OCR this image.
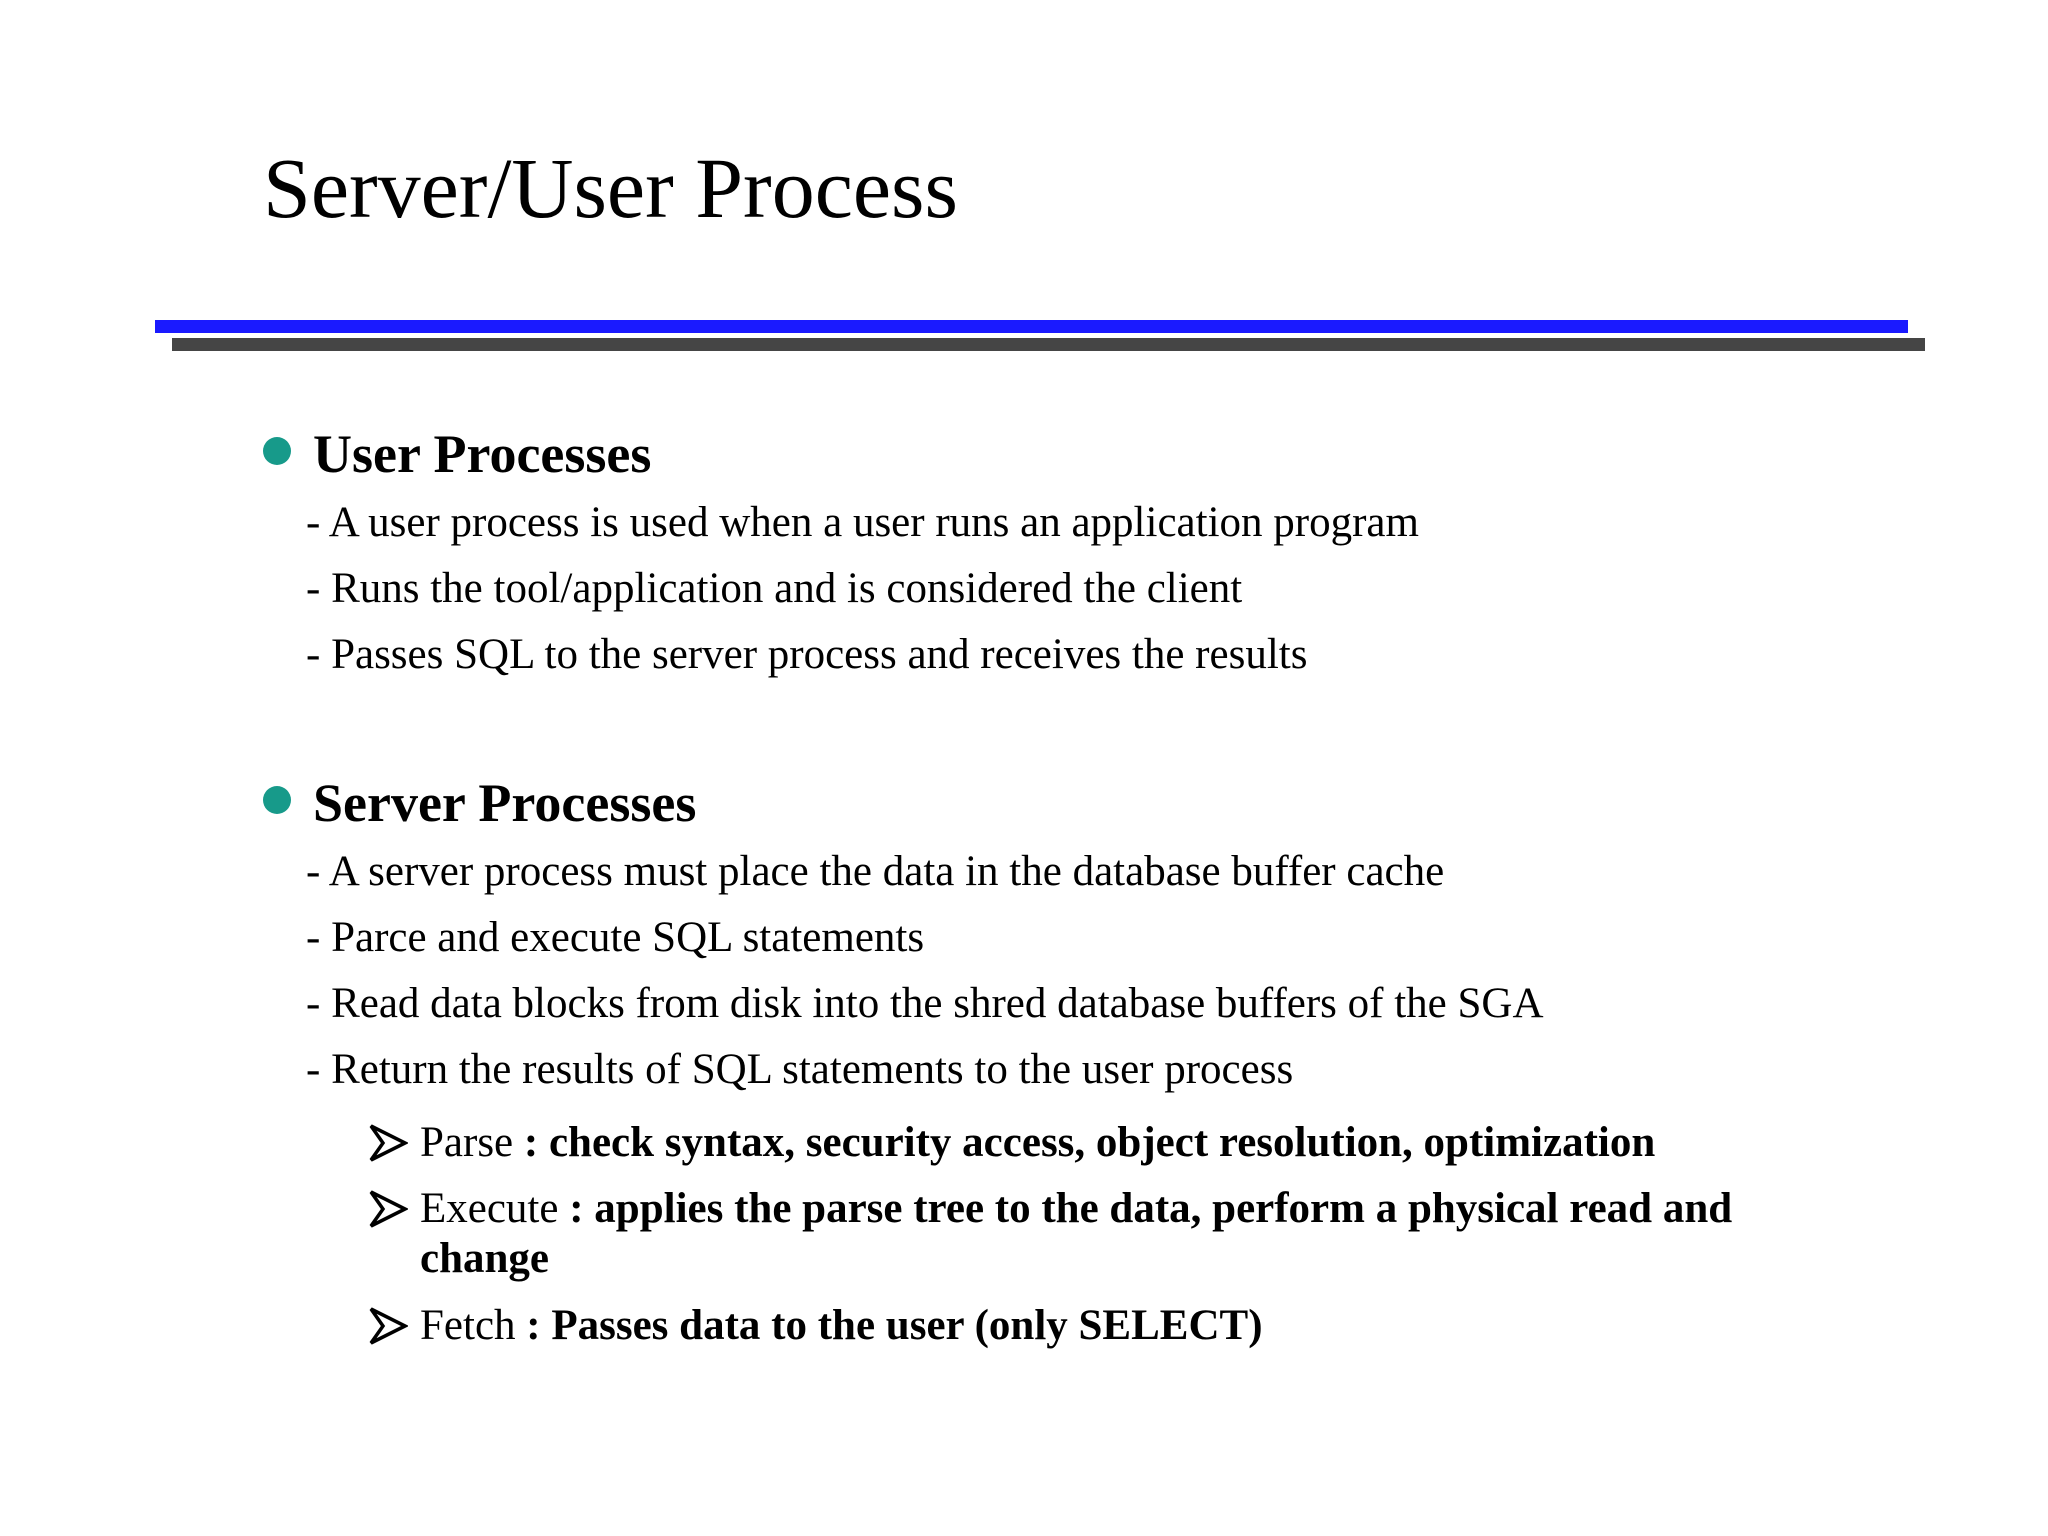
Server/User Process
User Processes
- A user process is used when a user runs an application program
- Runs the tool/application and is considered the client
- Passes SQL to the server process and receives the results
Server Processes
- A server process must place the data in the database buffer cache
- Parce and execute SQL statements
- Read data blocks from disk into the shred database buffers of the SGA
- Return the results of SQL statements to the user process
Parse : check syntax, security access, object resolution, optimization
Execute : applies the parse tree to the data, perform a physical read and
change
Fetch : Passes data to the user (only SELECT)
